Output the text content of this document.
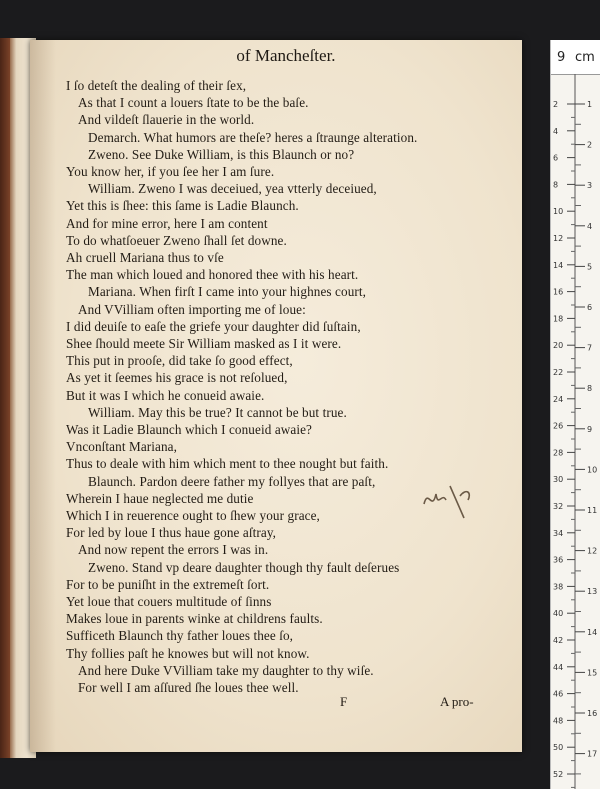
of Mancheſter.
I ſo deteſt the dealing of their ſex,
As that I count a louers ſtate to be the baſe.
And vildeſt ſlauerie in the world.
Demarch. What humors are theſe? heres a ſtraunge alteration.
Zweno. See Duke William, is this Blaunch or no?
You know her, if you ſee her I am ſure.
William. Zweno I was deceiued, yea vtterly deceiued,
Yet this is ſhee: this ſame is Ladie Blaunch.
And for mine error, here I am content
To do whatſoeuer Zweno ſhall ſet downe.
Ah cruell Mariana thus to vſe
The man which loued and honored thee with his heart.
Mariana. When firſt I came into your highnes court,
And VVilliam often importing me of loue:
I did deuiſe to eaſe the griefe your daughter did ſuſtain,
Shee ſhould meete Sir William masked as I it were.
This put in prooſe, did take ſo good effect,
As yet it ſeemes his grace is not reſolued,
But it was I which he conueid awaie.
William. May this be true? It cannot be but true.
Was it Ladie Blaunch which I conueid awaie?
Vnconſtant Mariana,
Thus to deale with him which ment to thee nought but faith.
Blaunch. Pardon deere father my follyes that are paſt,
Wherein I haue neglected me dutie
Which I in reuerence ought to ſhew your grace,
For led by loue I thus haue gone aſtray,
And now repent the errors I was in.
Zweno. Stand vp deare daughter though thy fault deſerues
For to be puniſht in the extremeſt ſort.
Yet loue that couers multitude of ſinns
Makes loue in parents winke at childrens faults.
Sufficeth Blaunch thy father loues thee ſo,
Thy follies paſt he knowes but will not know.
And here Duke VVilliam take my daughter to thy wiſe.
For well I am aſſured ſhe loues thee well.
F	A pro-
9 cm
2
4
6
8
10
12
14
16
18
20
22
24
26
28
30
32
34
36
38
40
42
44
46
48
50
52
1
2
3
4
5
6
7
8
9
10
11
12
13
14
15
16
17
